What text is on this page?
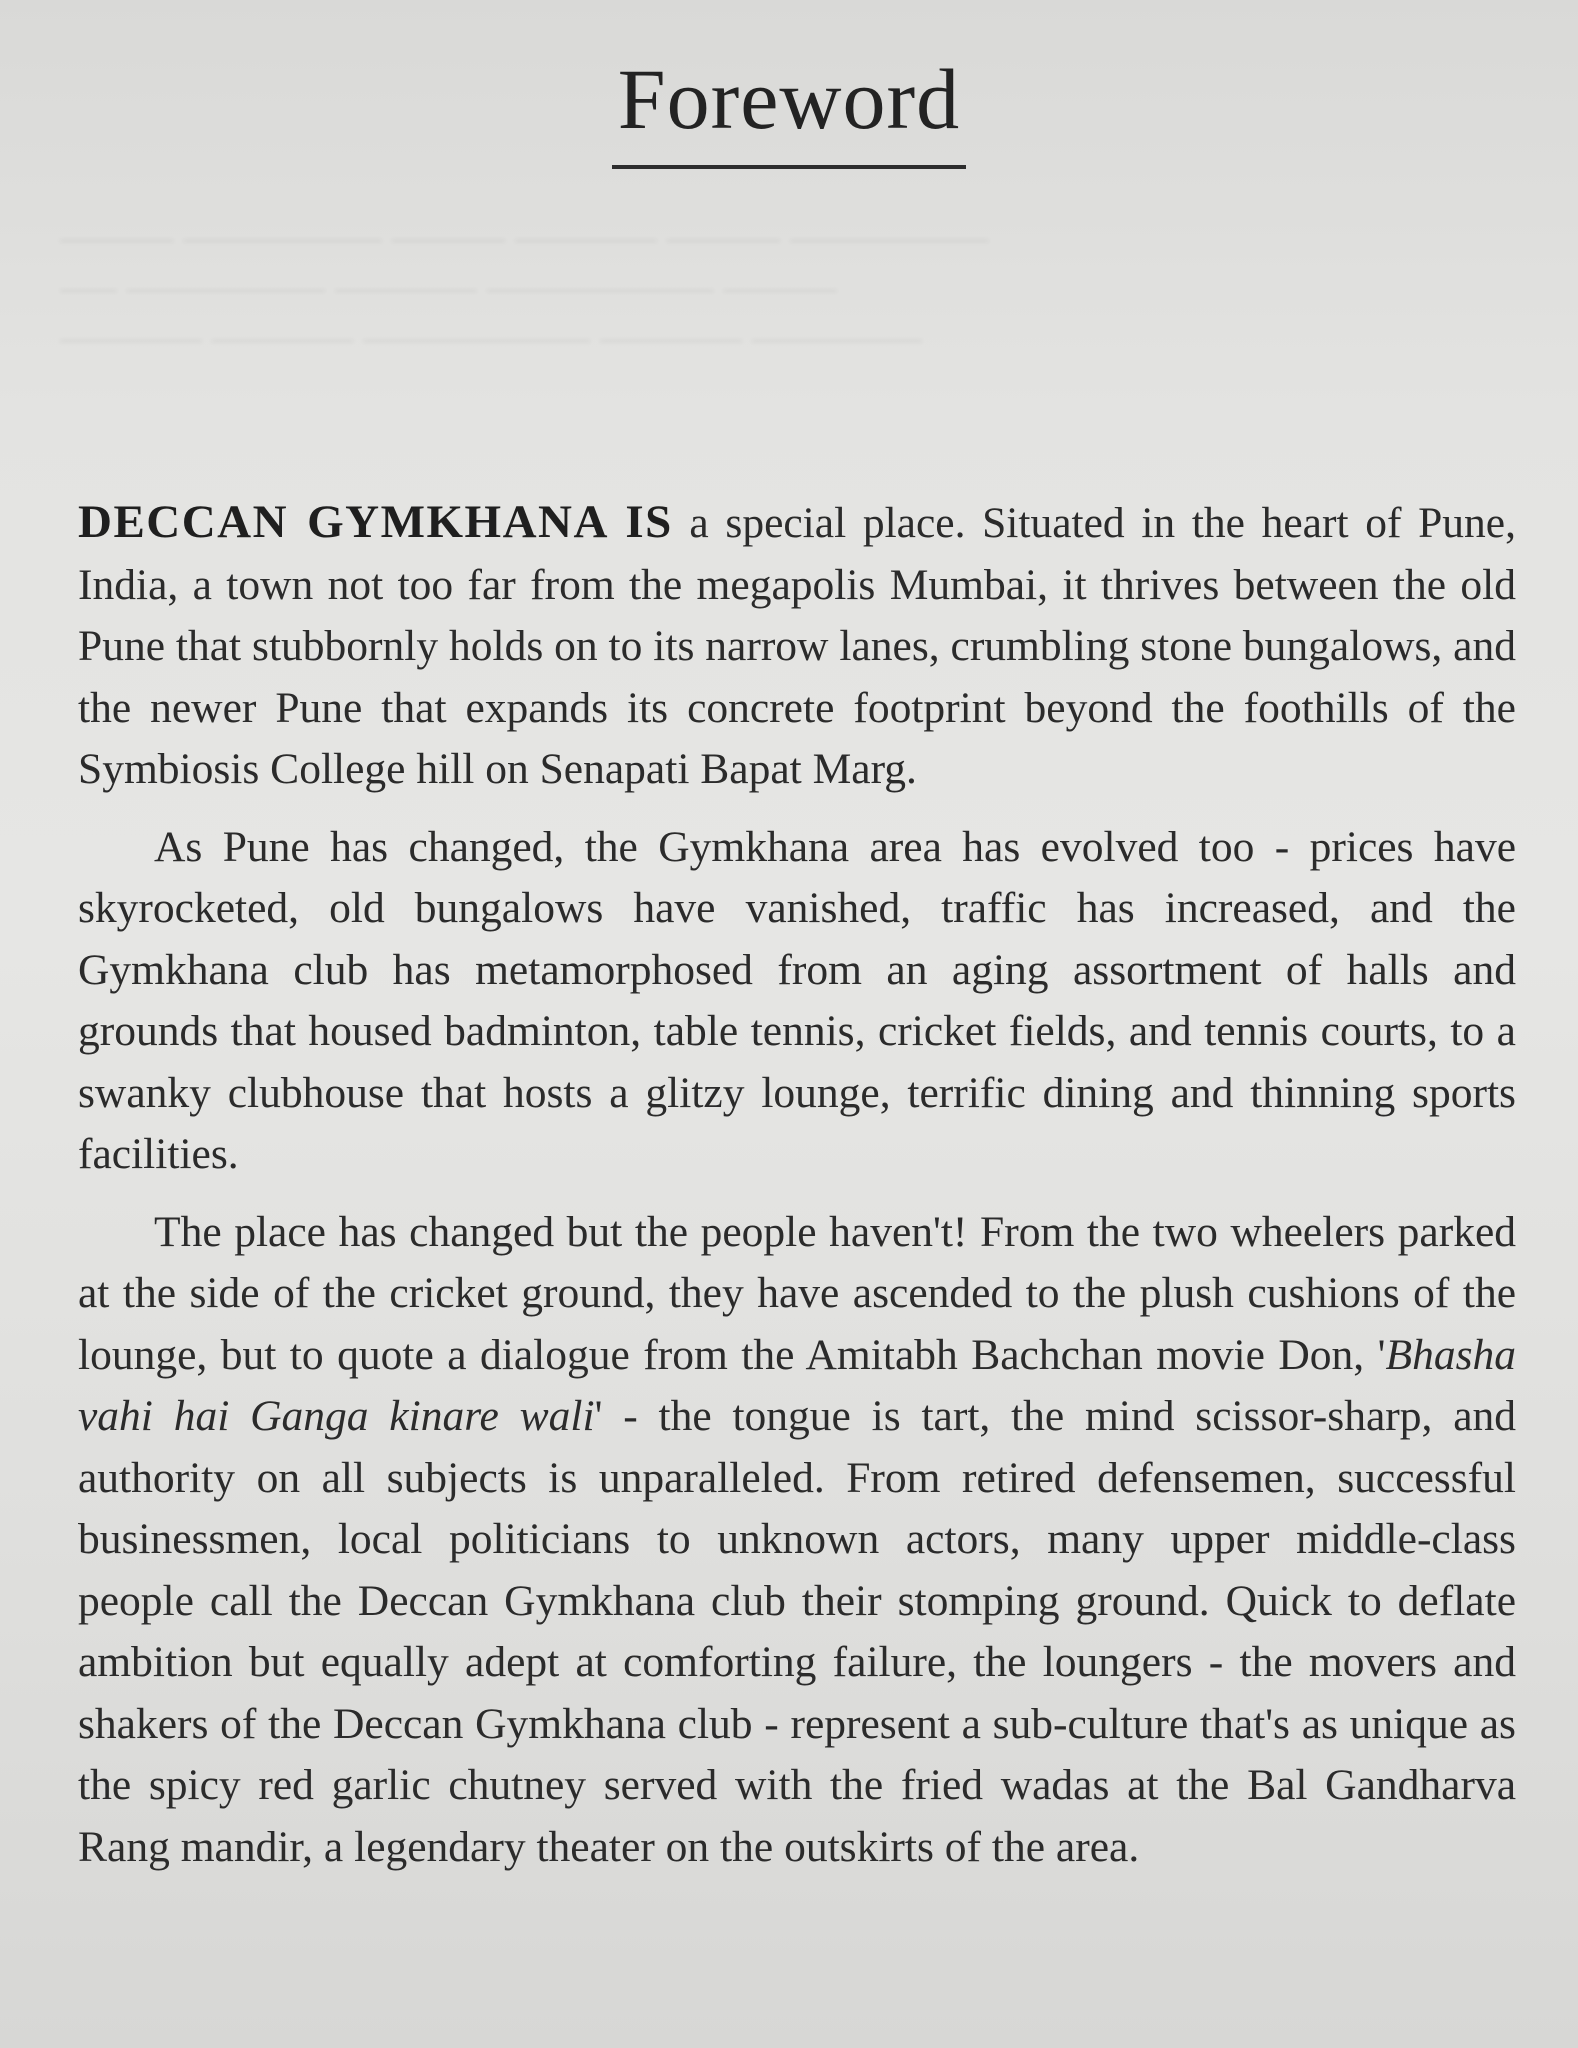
Foreword
─────── ──── ───── ──── ─────── ────
──── ──────── ───── ─────── ──
────── ───── ──────── ───── ─────

DECCAN GYMKHANA IS a special place. Situated in the heart of Pune, India, a town not too far from the megapolis Mumbai, it thrives between the old Pune that stubbornly holds on to its narrow lanes, crumbling stone bungalows, and the newer Pune that expands its concrete footprint beyond the foothills of the Symbiosis College hill on Senapati Bapat Marg.

As Pune has changed, the Gymkhana area has evolved too - prices have skyrocketed, old bungalows have vanished, traffic has increased, and the Gymkhana club has metamorphosed from an aging assortment of halls and grounds that housed badminton, table tennis, cricket fields, and tennis courts, to a swanky clubhouse that hosts a glitzy lounge, terrific dining and thinning sports facilities.

The place has changed but the people haven't! From the two wheelers parked at the side of the cricket ground, they have ascended to the plush cushions of the lounge, but to quote a dialogue from the Amitabh Bachchan movie Don, 'Bhasha vahi hai Ganga kinare wali' - the tongue is tart, the mind scissor-sharp, and authority on all subjects is unparalleled. From retired defensemen, successful businessmen, local politicians to unknown actors, many upper middle-class people call the Deccan Gymkhana club their stomping ground. Quick to deflate ambition but equally adept at comforting failure, the loungers - the movers and shakers of the Deccan Gymkhana club - represent a sub-culture that's as unique as the spicy red garlic chutney served with the fried wadas at the Bal Gandharva Rang mandir, a legendary theater on the outskirts of the area.
